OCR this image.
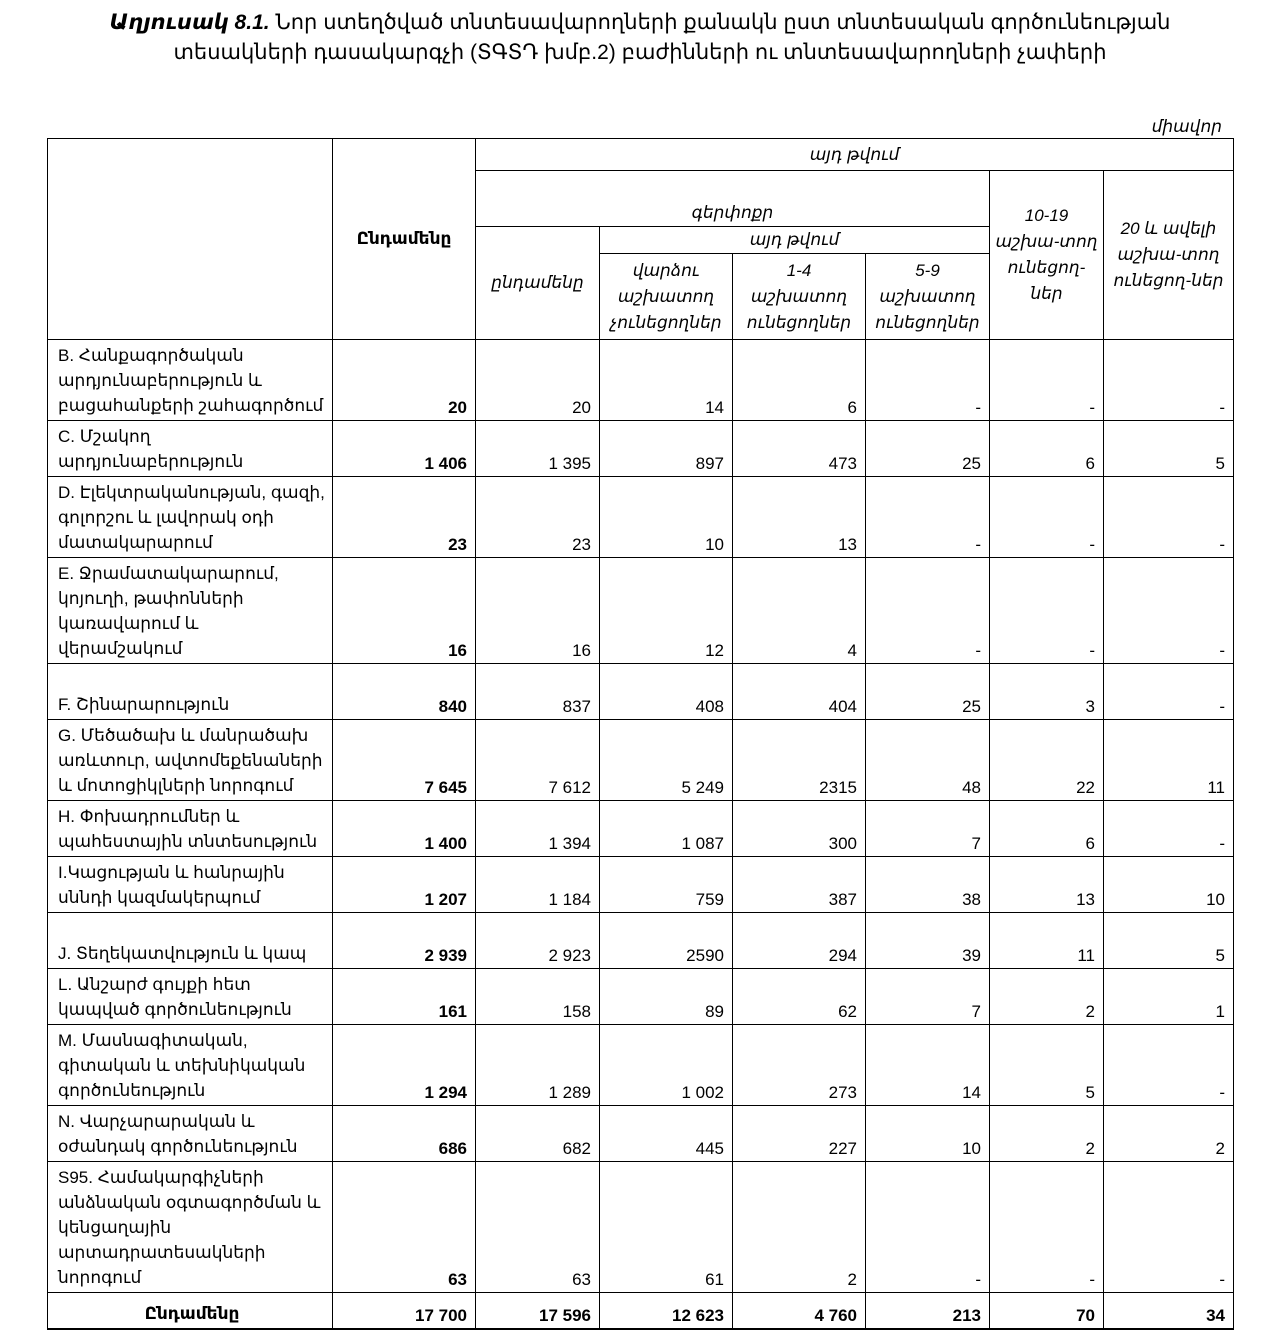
Աղյուսակ 8.1. Նոր ստեղծված տնտեսավարողների քանակն ըստ տնտեսական գործունեության տեսակների դասակարգչի (ՏԳՏԴ խմբ.2) բաժինների ու տնտեսավարողների չափերի
միավոր
	Ընդամենը	այդ թվում					
		գերփոքր				10-19 աշխա-տող ունեցող-ներ	20 և ավելի աշխա-տող ունեցող-ներ
		ընդամենը	այդ թվում				
			վարձու աշխատող չունեցողներ	1-4 աշխատող ունեցողներ	5-9 աշխատող ունեցողներ		
B. Հանքագործական արդյունաբերություն և բացահանքերի շահագործում	20	20	14	6	-	-	-
C. Մշակող արդյունաբերություն	1 406	1 395	897	473	25	6	5
D. Էլեկտրականության, գազի, գոլորշու և լավորակ օդի մատակարարում	23	23	10	13	-	-	-
E. Ջրամատակարարում, կոյուղի, թափոնների կառավարում և վերամշակում	16	16	12	4	-	-	-
F. Շինարարություն	840	837	408	404	25	3	-
G. Մեծածախ և մանրածախ առևտուր, ավտոմեքենաների և մոտոցիկլների նորոգում	7 645	7 612	5 249	2315	48	22	11
H. Փոխադրումներ և պահեստային տնտեսություն	1 400	1 394	1 087	300	7	6	-
I.Կացության և հանրային սննդի կազմակերպում	1 207	1 184	759	387	38	13	10
J. Տեղեկատվություն և կապ	2 939	2 923	2590	294	39	11	5
L. Անշարժ գույքի հետ կապված գործունեություն	161	158	89	62	7	2	1
M. Մասնագիտական, գիտական և տեխնիկական գործունեություն	1 294	1 289	1 002	273	14	5	-
N. Վարչարարական և օժանդակ գործունեություն	686	682	445	227	10	2	2
S95. Համակարգիչների անձնական օգտագործման և կենցաղային արտադրատեսակների նորոգում	63	63	61	2	-	-	-
Ընդամենը	17 700	17 596	12 623	4 760	213	70	34
